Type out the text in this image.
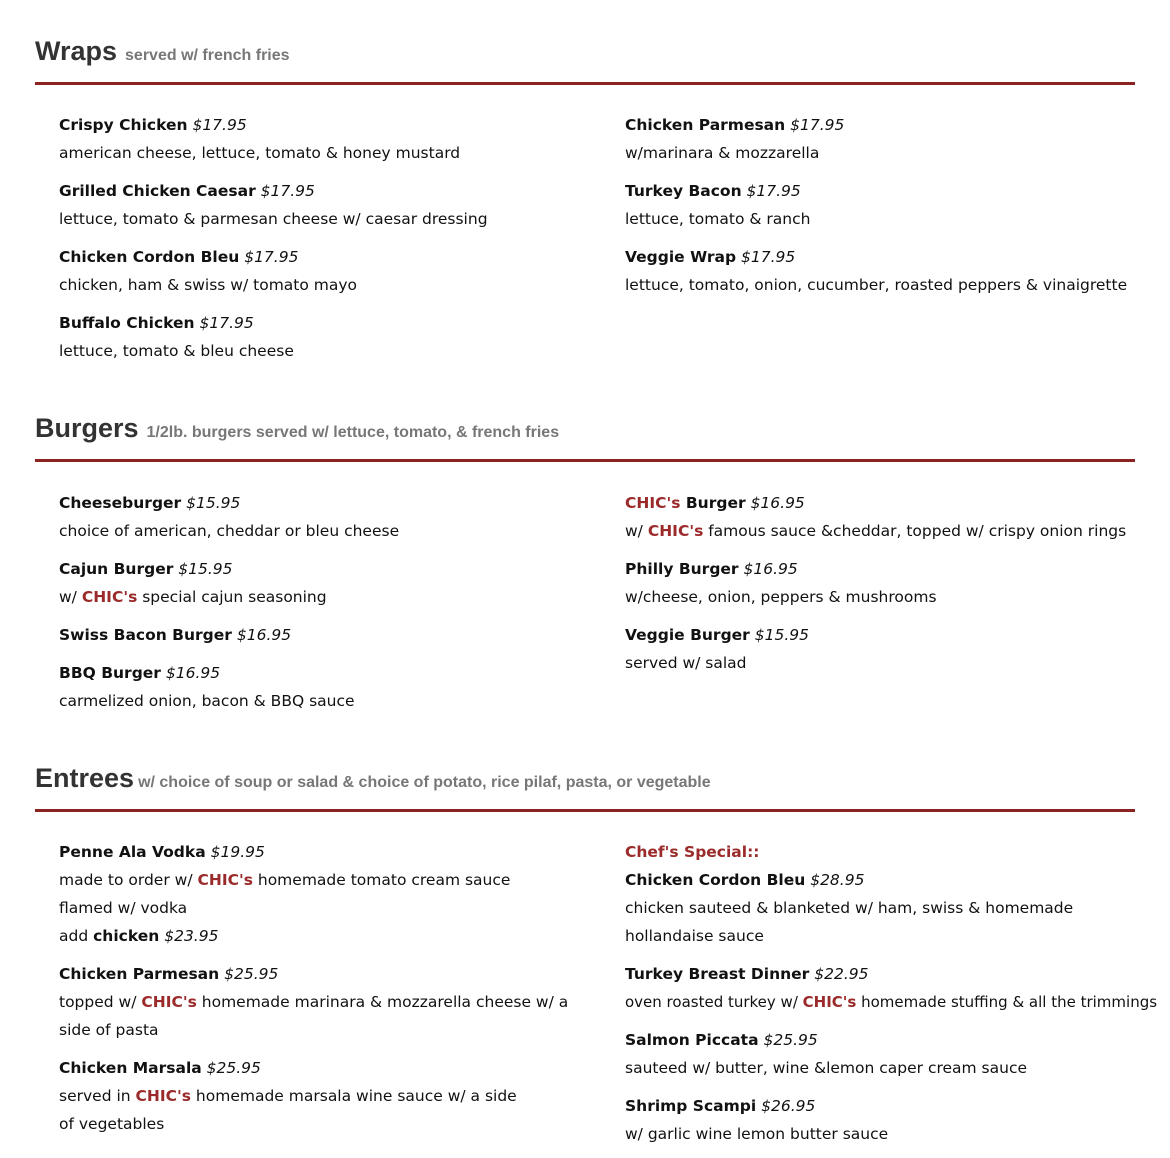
Wraps served w/ french fries
Crispy Chicken $17.95
american cheese, lettuce, tomato & honey mustard
Grilled Chicken Caesar $17.95
lettuce, tomato & parmesan cheese w/ caesar dressing
Chicken Cordon Bleu $17.95
chicken, ham & swiss w/ tomato mayo
Buffalo Chicken $17.95
lettuce, tomato & bleu cheese
Chicken Parmesan $17.95
w/marinara & mozzarella
Turkey Bacon $17.95
lettuce, tomato & ranch
Veggie Wrap $17.95
lettuce, tomato, onion, cucumber, roasted peppers & vinaigrette
Burgers 1/2lb. burgers served w/ lettuce, tomato, & french fries
Cheeseburger $15.95
choice of american, cheddar or bleu cheese
Cajun Burger $15.95
w/ CHIC's special cajun seasoning
Swiss Bacon Burger $16.95
BBQ Burger $16.95
carmelized onion, bacon & BBQ sauce
CHIC's Burger $16.95
w/ CHIC's famous sauce &cheddar, topped w/ crispy onion rings
Philly Burger $16.95
w/cheese, onion, peppers & mushrooms
Veggie Burger $15.95
served w/ salad
Entrees w/ choice of soup or salad & choice of potato, rice pilaf, pasta, or vegetable
Penne Ala Vodka $19.95
made to order w/ CHIC's homemade tomato cream sauce flamed w/ vodka
add chicken $23.95
Chicken Parmesan $25.95
topped w/ CHIC's homemade marinara & mozzarella cheese w/ a side of pasta
Chicken Marsala $25.95
served in CHIC's homemade marsala wine sauce w/ a side of vegetables
Chef's Special::
Chicken Cordon Bleu $28.95
chicken sauteed & blanketed w/ ham, swiss & homemade hollandaise sauce
Turkey Breast Dinner $22.95
oven roasted turkey w/ CHIC's homemade stuffing & all the trimmings
Salmon Piccata $25.95
sauteed w/ butter, wine &lemon caper cream sauce
Shrimp Scampi $26.95
w/ garlic wine lemon butter sauce
